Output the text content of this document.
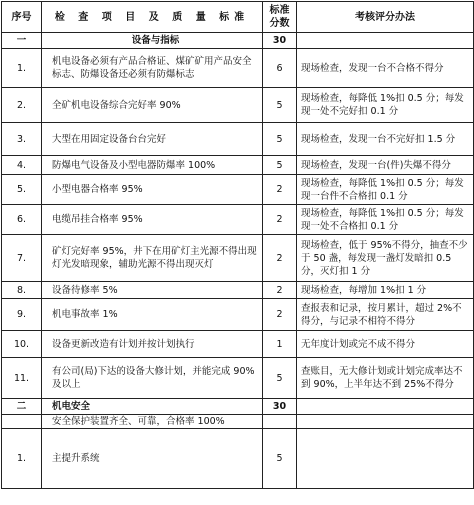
序号	检 查 项 目 及 质 量 标准	标准分数	考核评分办法
一	设备与指标	30	
1.	机电设备必须有产品合格证、煤矿矿用产品安全标志、防爆设备还必须有防爆标志	6	现场检查，发现一台不合格不得分
2.	全矿机电设备综合完好率 90%	5	现场检查，每降低 1%扣 0.5 分；每发现一处不完好扣 0.1 分
3.	大型在用固定设备台台完好	5	现场检查，发现一台不完好扣 1.5 分
4.	防爆电气设备及小型电器防爆率 100%	5	现场检查，发现一台(件)失爆不得分
5.	小型电器合格率 95%	2	现场检查，每降低 1%扣 0.5 分；每发现一台件不合格扣 0.1 分
6.	电缆吊挂合格率 95%	2	现场检查，每降低 1%扣 0.5 分；每发现一处不合格扣 0.1 分
7.	矿灯完好率 95%，井下在用矿灯主光源不得出现灯光发暗现象，辅助光源不得出现灭灯	2	现场检查，低于 95%不得分，抽查不少于 50 盏，每发现一盏灯发暗扣 0.5 分，灭灯扣 1 分
8.	设备待修率 5%	2	现场检查，每增加 1%扣 1 分
9.	机电事故率 1%	2	查报表和记录，按月累计，超过 2%不得分，与记录不相符不得分
10.	设备更新改造有计划并按计划执行	1	无年度计划或完不成不得分
11.	有公司(局)下达的设备大修计划，并能完成 90%及以上	5	查账目，无大修计划或计划完成率达不到 90%，上半年达不到 25%不得分
二	机电安全	30	
	安全保护装置齐全、可靠，合格率 100%		
1.	主提升系统	5	
